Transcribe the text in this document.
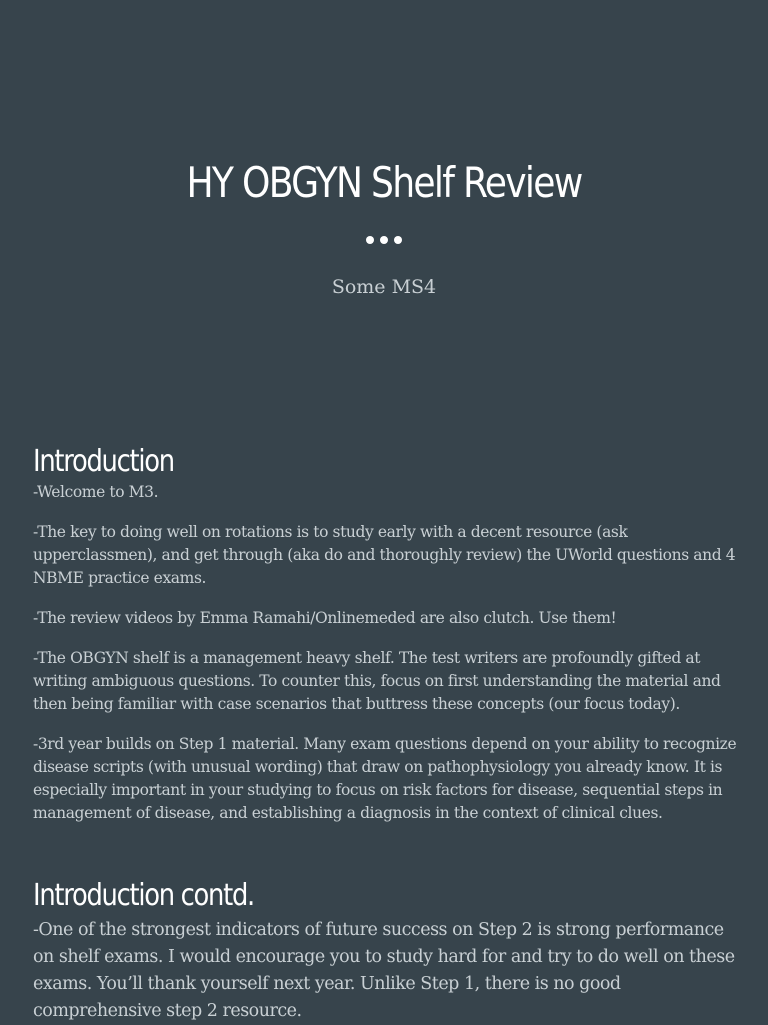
HY OBGYN Shelf Review

Some MS4

Introduction

-Welcome to M3.

-The key to doing well on rotations is to study early with a decent resource (ask upperclassmen), and get through (aka do and thoroughly review) the UWorld questions and 4 NBME practice exams.

-The review videos by Emma Ramahi/Onlinemeded are also clutch. Use them!

-The OBGYN shelf is a management heavy shelf. The test writers are profoundly gifted at writing ambiguous questions. To counter this, focus on first understanding the material and then being familiar with case scenarios that buttress these concepts (our focus today).

-3rd year builds on Step 1 material. Many exam questions depend on your ability to recognize disease scripts (with unusual wording) that draw on pathophysiology you already know. It is especially important in your studying to focus on risk factors for disease, sequential steps in management of disease, and establishing a diagnosis in the context of clinical clues.

Introduction contd.

-One of the strongest indicators of future success on Step 2 is strong performance on shelf exams. I would encourage you to study hard for and try to do well on these exams. You’ll thank yourself next year. Unlike Step 1, there is no good comprehensive step 2 resource.
